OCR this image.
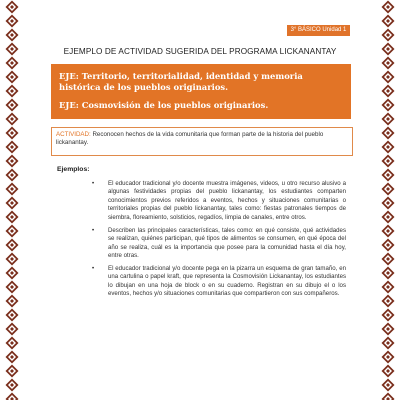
3° BÁSICO Unidad 1
EJEMPLO DE ACTIVIDAD SUGERIDA DEL PROGRAMA LICKANANTAY
EJE: Territorio, territorialidad, identidad y memoria histórica de los pueblos originarios.
EJE: Cosmovisión de los pueblos originarios.
ACTIVIDAD: Reconocen hechos de la vida comunitaria que forman parte de la historia del pueblo lickanantay.
Ejemplos:
• El educador tradicional y/o docente muestra imágenes, videos, u otro recurso alusivo a algunas festividades propias del pueblo lickanantay, los estudiantes comparten conocimientos previos referidos a eventos, hechos y situaciones comunitarias o territoriales propias del pueblo lickanantay, tales como: fiestas patronales tiempos de siembra, floreamiento, solsticios, regadíos, limpia de canales, entre otros.
• Describen las principales características, tales como: en qué consiste, qué actividades se realizan, quiénes participan, qué tipos de alimentos se consumen, en qué época del año se realiza, cuál es la importancia que posee para la comunidad hasta el día hoy, entre otras.
• El educador tradicional y/o docente pega en la pizarra un esquema de gran tamaño, en una cartulina o papel kraft, que representa la Cosmovisión Lickanantay, los estudiantes lo dibujan en una hoja de block o en su cuaderno. Registran en su dibujo el o los eventos, hechos y/o situaciones comunitarias que compartieron con sus compañeros.
